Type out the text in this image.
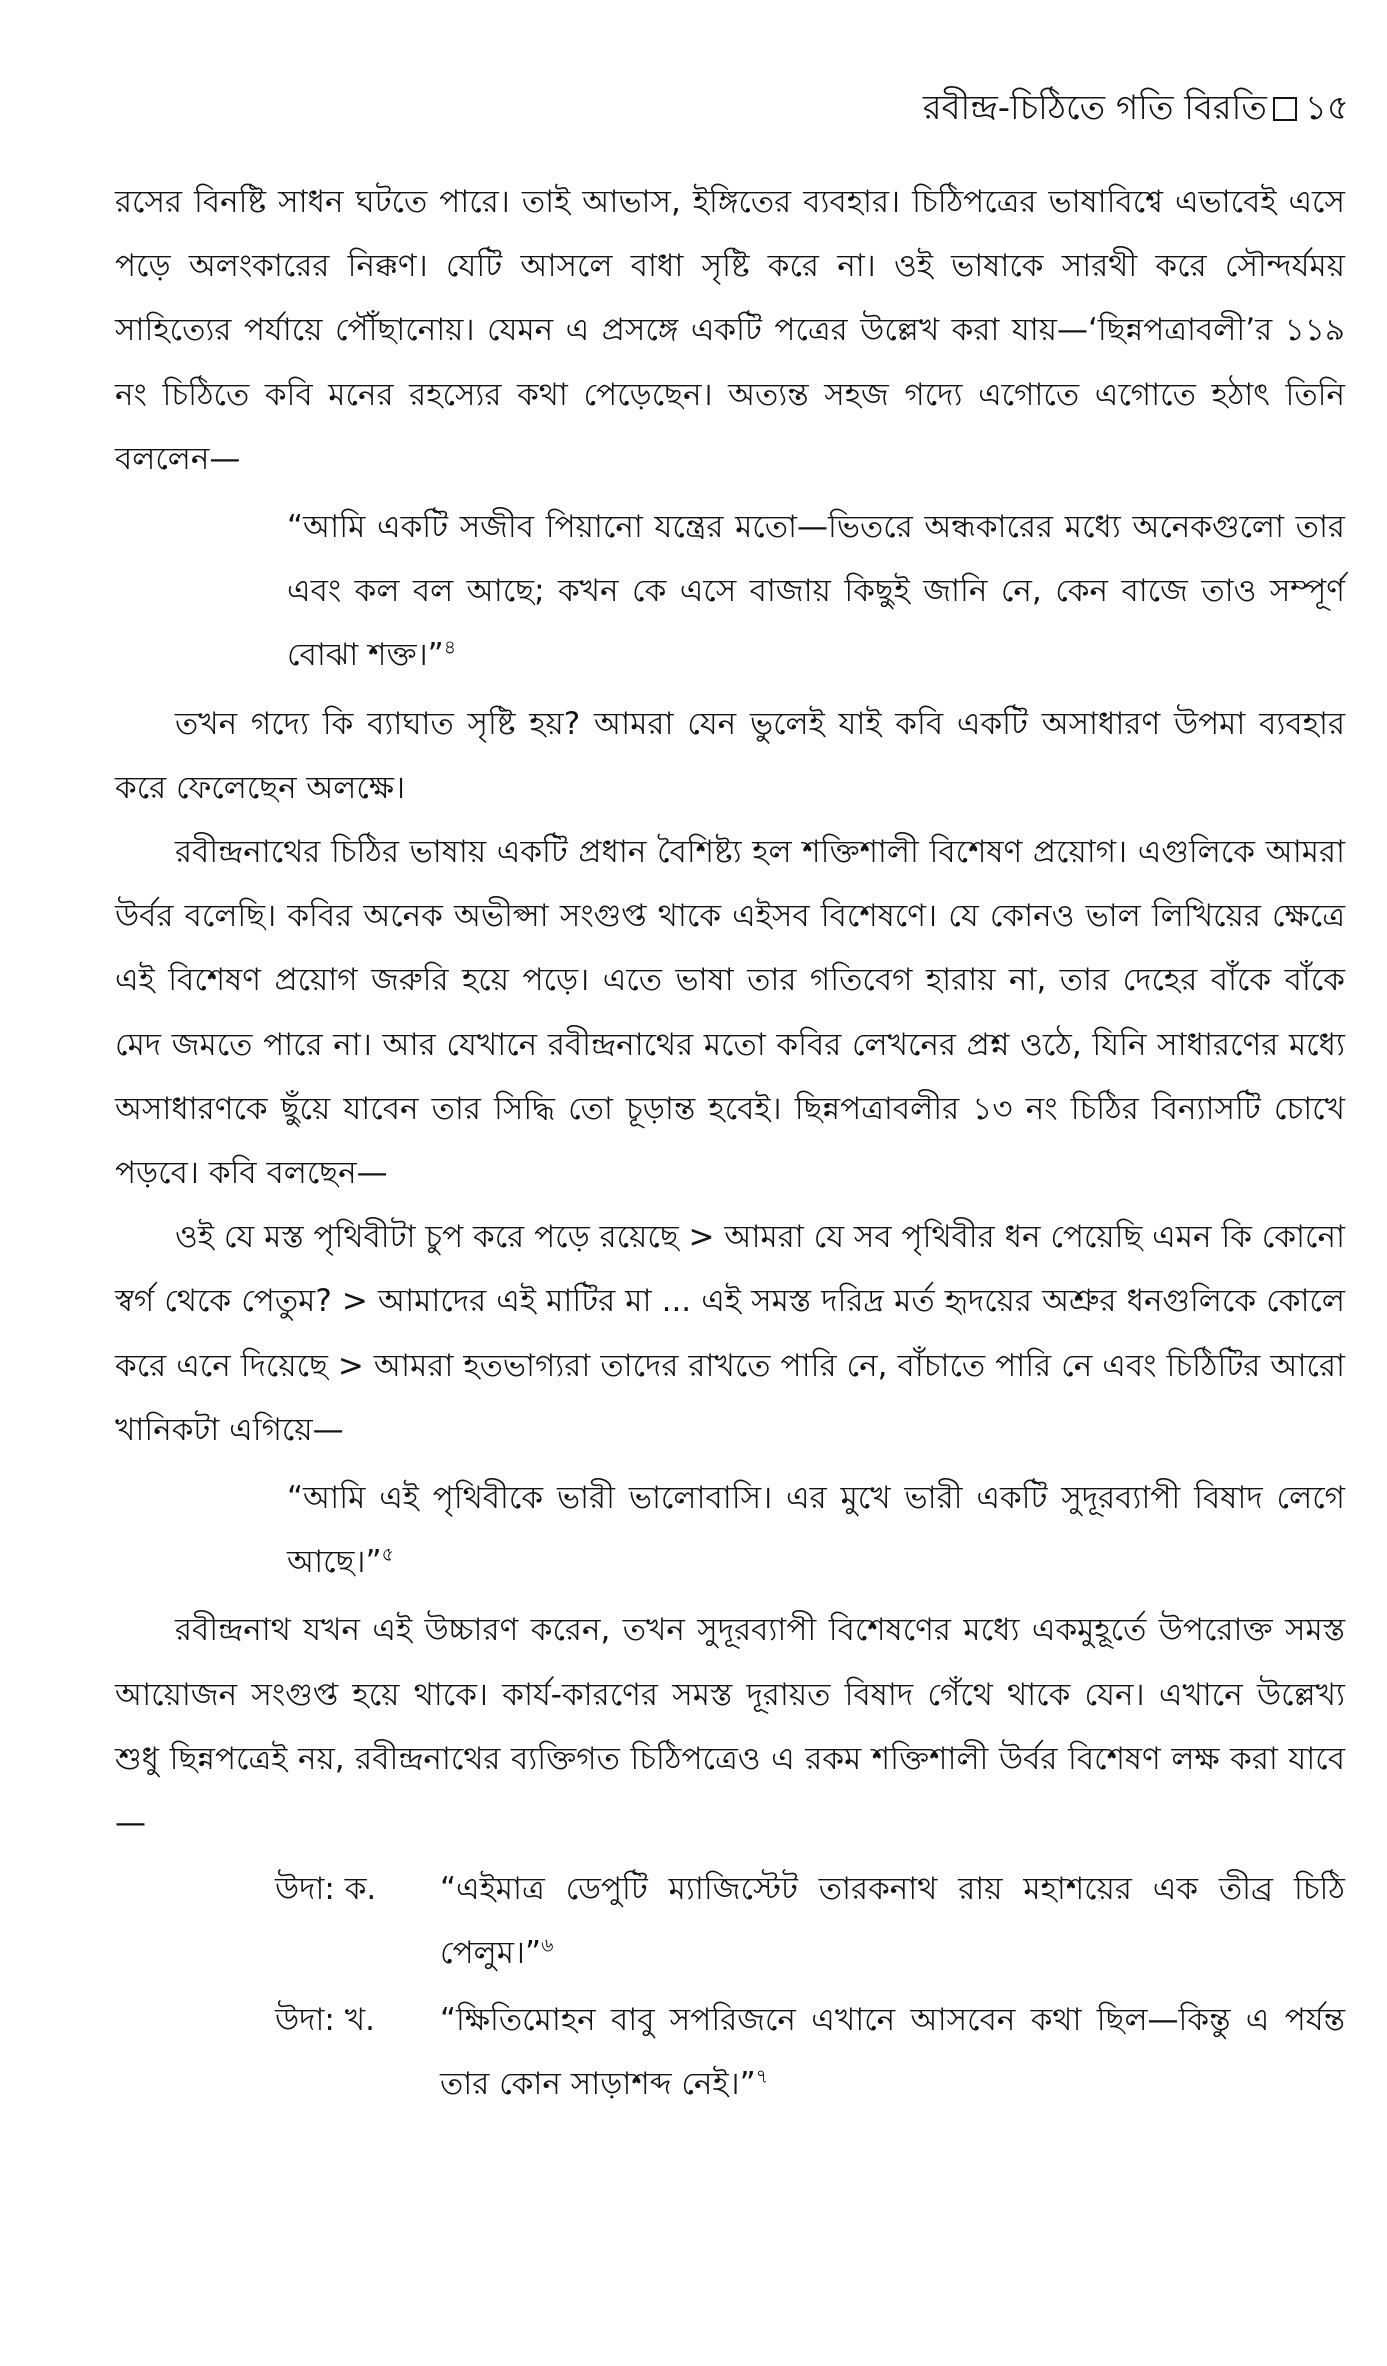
রবীন্দ্র-চিঠিতে গতি বিরতি ১৫

রসের বিনষ্টি সাধন ঘটতে পারে। তাই আভাস, ইঙ্গিতের ব্যবহার। চিঠিপত্রের ভাষাবিশ্বে এভাবেই এসে পড়ে অলংকারের নিক্কণ। যেটি আসলে বাধা সৃষ্টি করে না। ওই ভাষাকে সারথী করে সৌন্দর্যময় সাহিত্যের পর্যায়ে পৌঁছানোয়। যেমন এ প্রসঙ্গে একটি পত্রের উল্লেখ করা যায়—‘ছিন্নপত্রাবলী’র ১১৯ নং চিঠিতে কবি মনের রহস্যের কথা পেড়েছেন। অত্যন্ত সহজ গদ্যে এগোতে এগোতে হঠাৎ তিনি বললেন—

“আমি একটি সজীব পিয়ানো যন্ত্রের মতো—ভিতরে অন্ধকারের মধ্যে অনেকগুলো তার এবং কল বল আছে; কখন কে এসে বাজায় কিছুই জানি নে, কেন বাজে তাও সম্পূর্ণ বোঝা শক্ত।”$^৪$

তখন গদ্যে কি ব্যাঘাত সৃষ্টি হয়? আমরা যেন ভুলেই যাই কবি একটি অসাধারণ উপমা ব্যবহার করে ফেলেছেন অলক্ষে।

রবীন্দ্রনাথের চিঠির ভাষায় একটি প্রধান বৈশিষ্ট্য হল শক্তিশালী বিশেষণ প্রয়োগ। এগুলিকে আমরা উর্বর বলেছি। কবির অনেক অভীপ্সা সংগুপ্ত থাকে এইসব বিশেষণে। যে কোনও ভাল লিখিয়ের ক্ষেত্রে এই বিশেষণ প্রয়োগ জরুরি হয়ে পড়ে। এতে ভাষা তার গতিবেগ হারায় না, তার দেহের বাঁকে বাঁকে মেদ জমতে পারে না। আর যেখানে রবীন্দ্রনাথের মতো কবির লেখনের প্রশ্ন ওঠে, যিনি সাধারণের মধ্যে অসাধারণকে ছুঁয়ে যাবেন তার সিদ্ধি তো চূড়ান্ত হবেই। ছিন্নপত্রাবলীর ১৩ নং চিঠির বিন্যাসটি চোখে পড়বে। কবি বলছেন—

ওই যে মস্ত পৃথিবীটা চুপ করে পড়ে রয়েছে > আমরা যে সব পৃথিবীর ধন পেয়েছি এমন কি কোনো স্বর্গ থেকে পেতুম? > আমাদের এই মাটির মা ... এই সমস্ত দরিদ্র মর্ত হৃদয়ের অশ্রুর ধনগুলিকে কোলে করে এনে দিয়েছে > আমরা হতভাগ্যরা তাদের রাখতে পারি নে, বাঁচাতে পারি নে এবং চিঠিটির আরো খানিকটা এগিয়ে—

“আমি এই পৃথিবীকে ভারী ভালোবাসি। এর মুখে ভারী একটি সুদূরব্যাপী বিষাদ লেগে আছে।”$^৫$

রবীন্দ্রনাথ যখন এই উচ্চারণ করেন, তখন সুদূরব্যাপী বিশেষণের মধ্যে একমুহূর্তে উপরোক্ত সমস্ত আয়োজন সংগুপ্ত হয়ে থাকে। কার্য-কারণের সমস্ত দূরায়ত বিষাদ গেঁথে থাকে যেন। এখানে উল্লেখ্য শুধু ছিন্নপত্রেই নয়, রবীন্দ্রনাথের ব্যক্তিগত চিঠিপত্রেও এ রকম শক্তিশালী উর্বর বিশেষণ লক্ষ করা যাবে—

উদা: ক.	“এইমাত্র ডেপুটি ম্যাজিস্টেট তারকনাথ রায় মহাশয়ের এক তীব্র চিঠি পেলুম।”$^৬$

উদা: খ.	“ক্ষিতিমোহন বাবু সপরিজনে এখানে আসবেন কথা ছিল—কিন্তু এ পর্যন্ত তার কোন সাড়াশব্দ নেই।”$^৭$
